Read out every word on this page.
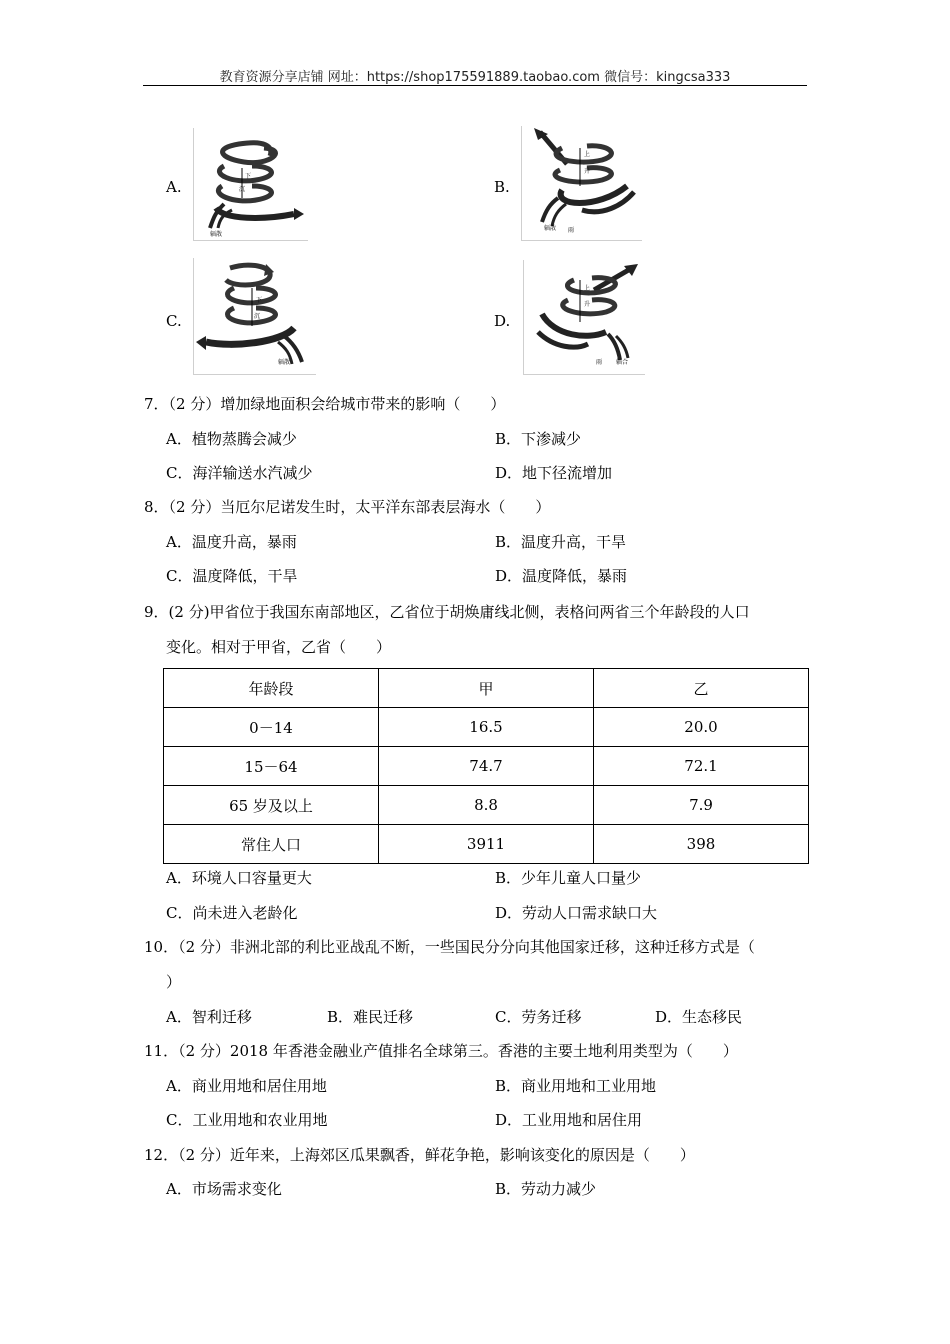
教育资源分享店铺 网址：https://shop175591889.taobao.com 微信号：kingcsa333
A.	B.
C.	D.
下
沉
辐散
上
升
辐散 雨
下
沉
辐散
上
升
雨 辐合
7．（2 分）增加绿地面积会给城市带来的影响（　　）
A．植物蒸腾会减少	B．下渗减少
C．海洋输送水汽减少	D．地下径流增加
8．（2 分）当厄尔尼诺发生时，太平洋东部表层海水（　　）
A．温度升高，暴雨	B．温度升高，干旱
C．温度降低，干旱	D．温度降低，暴雨
9．(2 分)甲省位于我国东南部地区，乙省位于胡焕庸线北侧，表格问两省三个年龄段的人口
变化。相对于甲省，乙省（　　）
年龄段	甲	乙
0－14	16.5	20.0
15－64	74.7	72.1
65 岁及以上	8.8	7.9
常住人口	3911	398
A．环境人口容量更大	B．少年儿童人口量少
C．尚未进入老龄化	D．劳动人口需求缺口大
10．（2 分）非洲北部的利比亚战乱不断，一些国民分分向其他国家迁移，这种迁移方式是（
）
A．智利迁移	B．难民迁移	C．劳务迁移	D．生态移民
11．（2 分）2018 年香港金融业产值排名全球第三。香港的主要土地利用类型为（　　）
A．商业用地和居住用地	B．商业用地和工业用地
C．工业用地和农业用地	D．工业用地和居住用
12．（2 分）近年来，上海郊区瓜果飘香，鲜花争艳，影响该变化的原因是（　　）
A．市场需求变化	B．劳动力减少
